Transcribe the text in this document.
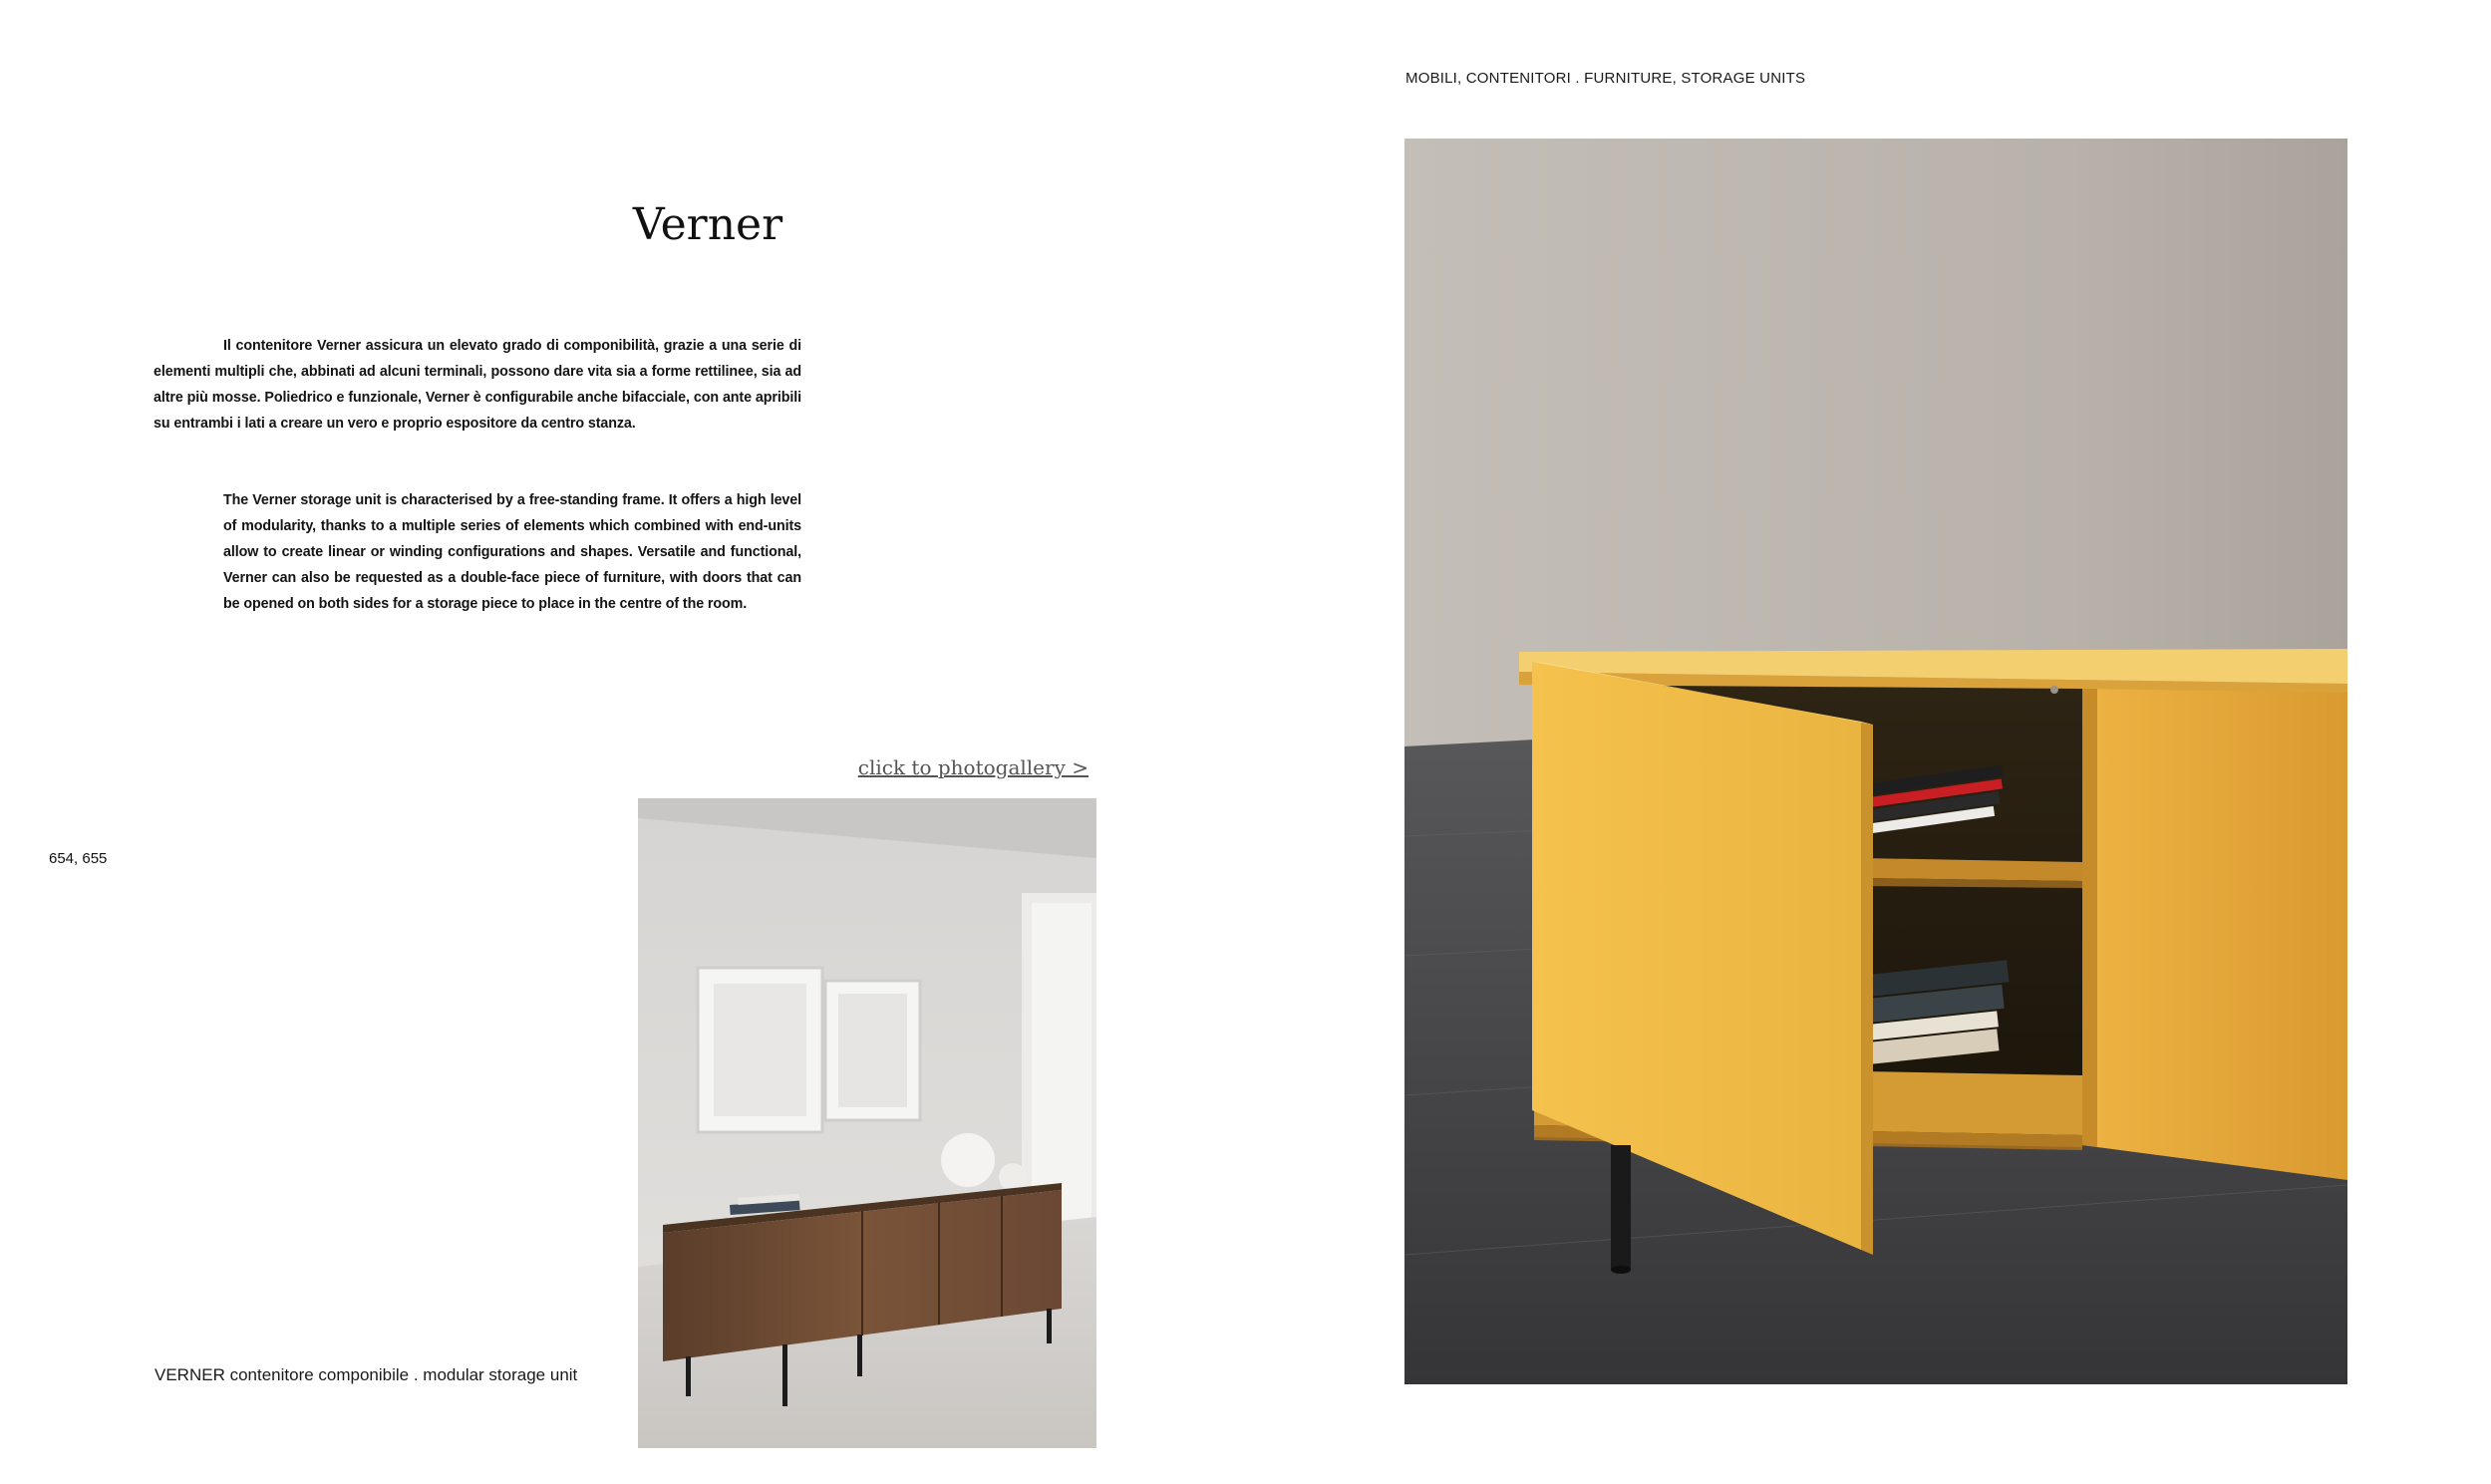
MOBILI, CONTENITORI . FURNITURE, STORAGE UNITS
Verner

Il contenitore Verner assicura un elevato grado di componibilità, grazie a una serie di elementi multipli che, abbinati ad alcuni terminali, possono dare vita sia a forme rettilinee, sia ad altre più mosse. Poliedrico e funzionale, Verner è configurabile anche bifacciale, con ante apribili su entrambi i lati a creare un vero e proprio espositore da centro stanza.

The Verner storage unit is characterised by a free-standing frame. It offers a high level of modularity, thanks to a multiple series of elements which combined with end-units allow to create linear or winding configurations and shapes. Versatile and functional, Verner can also be requested as a double-face piece of furniture, with doors that can be opened on both sides for a storage piece to place in the centre of the room.

click to photogallery >
654, 655
VERNER contenitore componibile . modular storage unit
